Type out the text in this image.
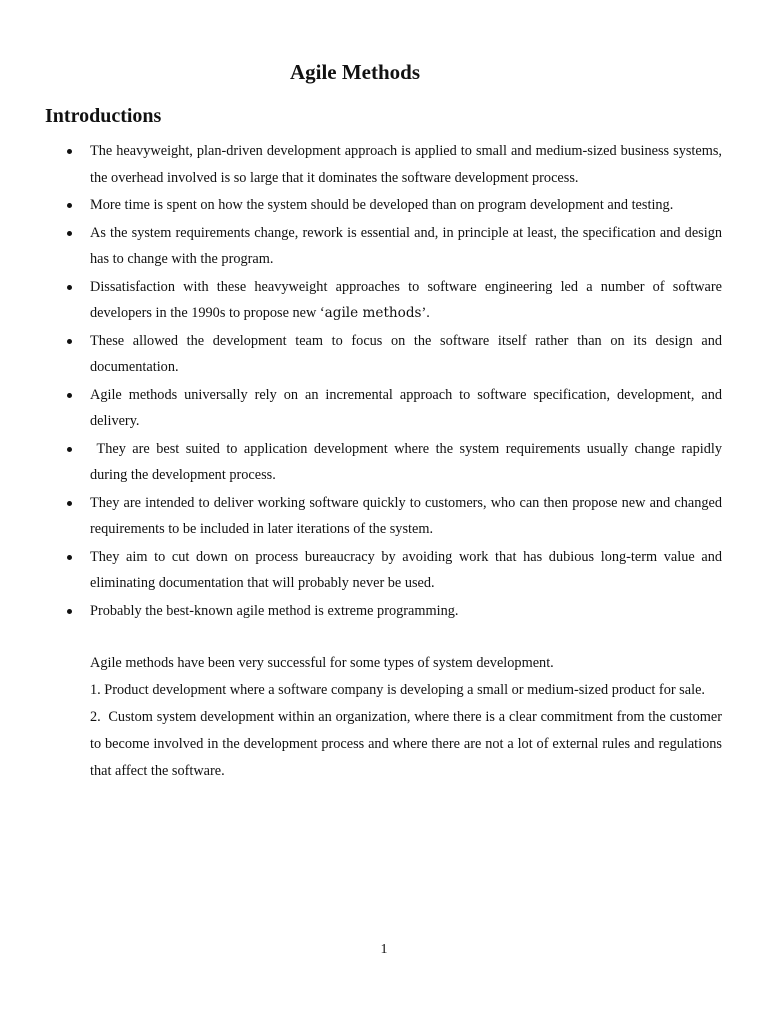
Agile Methods
Introductions
The heavyweight, plan-driven development approach is applied to small and medium-sized business systems, the overhead involved is so large that it dominates the software development process.
More time is spent on how the system should be developed than on program development and testing.
As the system requirements change, rework is essential and, in principle at least, the specification and design has to change with the program.
Dissatisfaction with these heavyweight approaches to software engineering led a number of software developers in the 1990s to propose new ‘agile methods’.
These allowed the development team to focus on the software itself rather than on its design and documentation.
Agile methods universally rely on an incremental approach to software specification, development, and delivery.
They are best suited to application development where the system requirements usually change rapidly during the development process.
They are intended to deliver working software quickly to customers, who can then propose new and changed requirements to be included in later iterations of the system.
They aim to cut down on process bureaucracy by avoiding work that has dubious long-term value and eliminating documentation that will probably never be used.
Probably the best-known agile method is extreme programming.

Agile methods have been very successful for some types of system development.

1. Product development where a software company is developing a small or medium-sized product for sale.

2.  Custom system development within an organization, where there is a clear commitment from the customer to become involved in the development process and where there are not a lot of external rules and regulations that affect the software.

1
